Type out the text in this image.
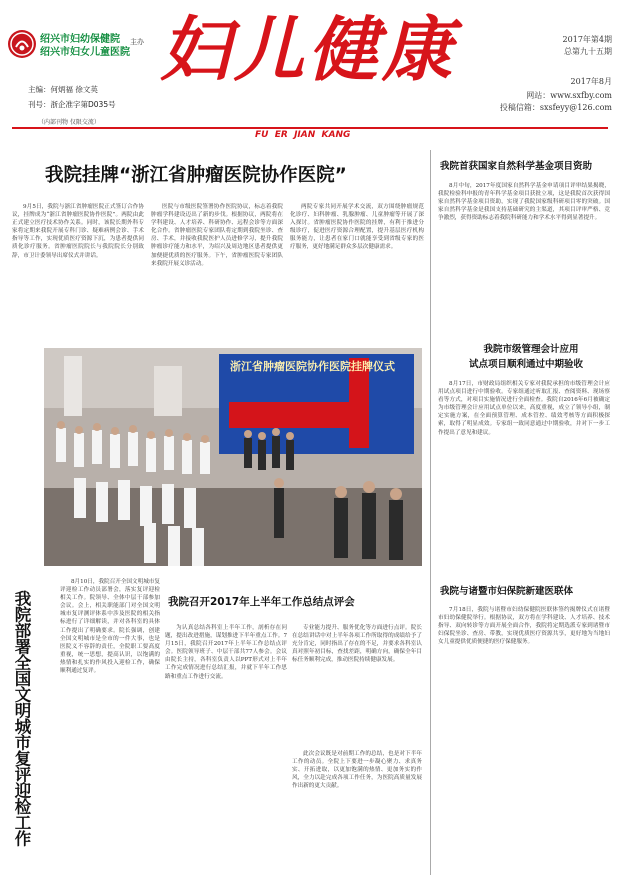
绍兴市妇幼保健院
绍兴市妇女儿童医院
主办 妇儿健康	2017年第4期
总第九十五期
主编：何炳福 徐文英
刊号：浙企准字第D035号
2017年8月
网站：www.sxfby.com
投稿信箱：sxsfeyy@126.com
（内部刊物 仅限交流）
FU  ER  JIAN  KANG
我院挂牌“浙江省肿瘤医院协作医院”
9月5日，我院与浙江省肿瘤医院正式签订合作协议，挂牌成为“浙江省肿瘤医院协作医院”。两院由此正式建立医疗技术协作关系。同时，该院长期外科专家将定期来我院开展专科门诊、疑难病例会诊、手术指导等工作，实现优质医疗资源下沉，为患者提供同质化诊疗服务。省肿瘤医院院长与我院院长分别致辞，市卫计委领导出席仪式并讲话。
医院与市级医院签署协作医院协议，标志着我院肿瘤学科建设迈出了新的步伐。根据协议，两院将在学科建设、人才培养、科研协作、远程会诊等方面深化合作。省肿瘤医院专家团队将定期到我院坐诊、查房、手术，并接收我院医护人员进修学习，提升我院肿瘤诊疗能力和水平，为绍兴及周边地区患者提供更加便捷优质的医疗服务。下午，省肿瘤医院专家团队来我院开展义诊活动。
两院专家共同开展学术交流，双方围绕肿瘤规范化诊疗、妇科肿瘤、乳腺肿瘤、儿童肿瘤等开展了深入探讨。省肿瘤医院协作医院的挂牌，有利于推进分级诊疗，促进医疗资源合理配置，提升基层医疗机构服务能力，让患者在家门口就能享受到省级专家的医疗服务，更好地满足群众多层次健康需求。
浙江省肿瘤医院协作医院挂牌仪式
我院部署全国文明城市复评迎检工作
8月10日，我院召开全国文明城市复评迎检工作动员部署会，落实复评迎检相关工作。院领导、全体中层干部参加会议。会上，相关职能部门对全国文明城市复评测评体系中涉及医院的相关指标进行了详细解读，并对各科室的具体工作提出了明确要求。院长强调，创建全国文明城市是全市的一件大事，也是医院义不容辞的责任，全院职工要高度重视，统一思想，提高认识，以饱满的热情和扎实的作风投入迎检工作，确保顺利通过复评。
我院召开2017年上半年工作总结点评会
为认真总结各科室上半年工作，剖析存在问题，提出改进措施，谋划推进下半年重点工作。7月15日，我院召开2017年上半年工作总结点评会。医院领导班子、中层干部共77人参会。会议由院长主持，各科室负责人以PPT形式对上半年工作完成情况进行总结汇报，并就下半年工作思路和重点工作进行交流。
专业能力提升、服务优化等方面进行点评。院长在总结讲话中对上半年各项工作所取得的成绩给予了充分肯定，同时指出了存在的不足，并要求各科室认真对照年初目标，查找差距，明确方向，确保全年目标任务顺利完成，推动医院持续健康发展。
此次会议既是对前期工作的总结，也是对下半年工作的动员。全院上下要进一步凝心聚力、求真务实、开拓进取，以更加饱满的热情、更加务实的作风，全力以赴完成各项工作任务，为医院高质量发展作出新的更大贡献。
我院首获国家自然科学基金项目资助
8月中旬，2017年度国家自然科学基金申请项目评审结果揭晓，我院检验科申报的青年科学基金项目获批立项，这是我院首次获得国家自然科学基金项目资助，实现了我院国家级科研项目零的突破。国家自然科学基金是我国支持基础研究的主渠道，其项目评审严格、竞争激烈，获得资助标志着我院科研能力和学术水平得到显著提升。
我院市级管理会计应用
试点项目顺利通过中期验收
8月17日，市财政局组织相关专家对我院承担的市级管理会计应用试点项目进行中期验收。专家组通过听取汇报、查阅资料、现场察看等方式，对项目实施情况进行全面检查。我院自2016年6月被确定为市级管理会计应用试点单位以来，高度重视，成立了领导小组，制定实施方案，在全面预算管理、成本管控、绩效考核等方面积极探索，取得了明显成效。专家组一致同意通过中期验收，并对下一步工作提出了意见和建议。
我院与诸暨市妇保院新建医联体
7月18日，我院与诸暨市妇幼保健院医联体签约揭牌仪式在诸暨市妇幼保健院举行。根据协议，双方将在学科建设、人才培养、技术指导、双向转诊等方面开展全面合作，我院将定期选派专家到诸暨市妇保院坐诊、查房、带教，实现优质医疗资源共享，更好地为当地妇女儿童提供优质便捷的医疗保健服务。
